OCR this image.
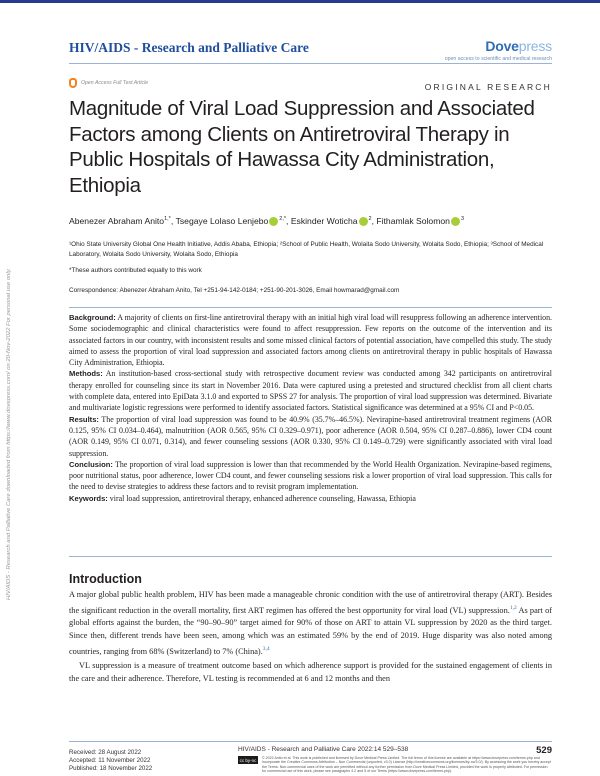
HIV/AIDS - Research and Palliative Care	Dovepress
open access to scientific and medical research
Open Access Full Text Article	ORIGINAL RESEARCH
Magnitude of Viral Load Suppression and Associated Factors among Clients on Antiretroviral Therapy in Public Hospitals of Hawassa City Administration, Ethiopia
Abenezer Abraham Anito$^{1,*}$, Tsegaye Lolaso Lenjebo $^{2,*}$, Eskinder Woticha $^2$, Fithamlak Solomon $^3$
¹Ohio State University Global One Health Initiative, Addis Ababa, Ethiopia; ²School of Public Health, Wolaita Sodo University, Wolaita Sodo, Ethiopia; ³School of Medical Laboratory, Wolaita Sodo University, Wolaita Sodo, Ethiopia
*These authors contributed equally to this work
Correspondence: Abenezer Abraham Anito, Tel +251-94-142-0184; +251-90-201-3026, Email howmarad@gmail.com

Background: A majority of clients on first-line antiretroviral therapy with an initial high viral load will resuppress following an adherence intervention. Some sociodemographic and clinical characteristics were found to affect resuppression. Few reports on the outcome of the intervention and its associated factors in our country, with inconsistent results and some missed clinical factors of potential association, have compelled this study. The study aimed to assess the proportion of viral load suppression and associated factors among clients on antiretroviral therapy in public hospitals of Hawassa City Administration, Ethiopia.

Methods: An institution-based cross-sectional study with retrospective document review was conducted among 342 participants on antiretroviral therapy enrolled for counseling since its start in November 2016. Data were captured using a pretested and structured checklist from all client charts with complete data, entered into EpiData 3.1.0 and exported to SPSS 27 for analysis. The proportion of viral load suppression was determined. Bivariate and multivariate logistic regressions were performed to identify associated factors. Statistical significance was determined at a 95% CI and P<0.05.

Results: The proportion of viral load suppression was found to be 40.9% (35.7%–46.5%). Nevirapine-based antiretroviral treatment regimens (AOR 0.125, 95% CI 0.034–0.464), malnutrition (AOR 0.565, 95% CI 0.329–0.971), poor adherence (AOR 0.504, 95% CI 0.287–0.886), lower CD4 count (AOR 0.149, 95% CI 0.071, 0.314), and fewer counseling sessions (AOR 0.330, 95% CI 0.149–0.729) were significantly associated with viral load suppression.

Conclusion: The proportion of viral load suppression is lower than that recommended by the World Health Organization. Nevirapine-based regimens, poor nutritional status, poor adherence, lower CD4 count, and fewer counseling sessions risk a lower proportion of viral load suppression. This calls for the need to devise strategies to address these factors and to revisit program implementation.

Keywords: viral load suppression, antiretroviral therapy, enhanced adherence counseling, Hawassa, Ethiopia

Introduction

A major global public health problem, HIV has been made a manageable chronic condition with the use of antiretroviral therapy (ART). Besides the significant reduction in the overall mortality, first ART regimen has offered the best opportunity for viral load (VL) suppression.$^{1,2}$ As part of global efforts against the burden, the “90–90–90” target aimed for 90% of those on ART to attain VL suppression by 2020 as the third target. Since then, different trends have been seen, among which was an estimated 59% by the end of 2019. Huge disparity was also noted among countries, ranging from 68% (Switzerland) to 7% (China).$^{3,4}$

VL suppression is a measure of treatment outcome based on which adherence support is provided for the sustained engagement of clients in the care and their adherence. Therefore, VL testing is recommended at 6 and 12 months and then

HIV/AIDS - Research and Palliative Care downloaded from https://www.dovepress.com/ on 20-Nov-2022 For personal use only.
Received: 28 August 2022
Accepted: 11 November 2022
Published: 18 November 2022
HIV/AIDS - Research and Palliative Care 2022:14 529–538	529
cc by-nc	© 2022 Anito et al. This work is published and licensed by Dove Medical Press Limited. The full terms of this license are available at https://www.dovepress.com/terms.php and incorporate the Creative Commons Attribution – Non Commercial (unported, v3.0) License (http://creativecommons.org/licenses/by-nc/3.0/). By accessing the work you hereby accept the Terms. Non-commercial uses of the work are permitted without any further permission from Dove Medical Press Limited, provided the work is properly attributed. For permission for commercial use of this work, please see paragraphs 4.2 and 5 of our Terms (https://www.dovepress.com/terms.php).
